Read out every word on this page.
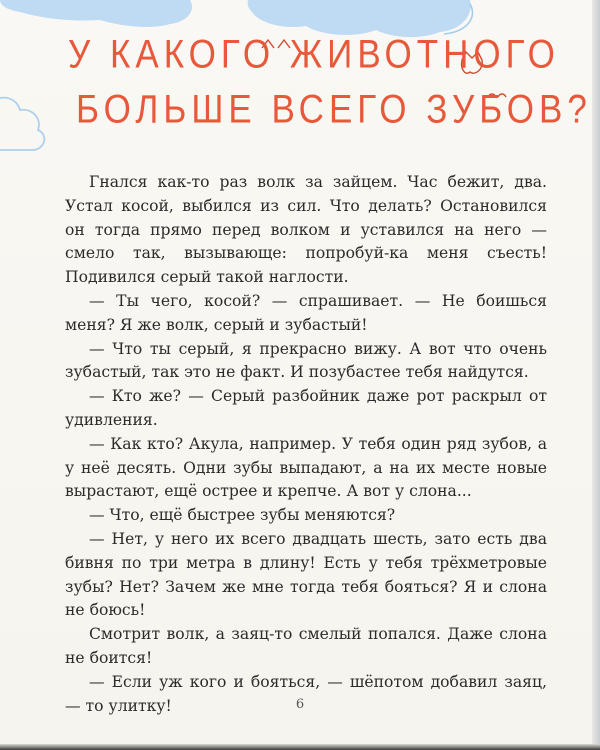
У КАКОГО ЖИВОТНОГО
БОЛЬШЕ ВСЕГО ЗУБОВ?

Гнался как-то раз волк за зайцем. Час бежит, два. Устал косой, выбился из сил. Что делать? Остановился он тогда прямо перед волком и уставился на него — смело так, вызывающе: попробуй-ка меня съесть! Подивился серый такой наглости.

— Ты чего, косой? — спрашивает. — Не боишься меня? Я же волк, серый и зубастый!

— Что ты серый, я прекрасно вижу. А вот что очень зубастый, так это не факт. И позубастее тебя найдутся.

— Кто же? — Серый разбойник даже рот раскрыл от удивления.

— Как кто? Акула, например. У тебя один ряд зубов, а у неё десять. Одни зубы выпадают, а на их месте новые вырастают, ещё острее и крепче. А вот у слона...

— Что, ещё быстрее зубы меняются?

— Нет, у него их всего двадцать шесть, зато есть два бивня по три метра в длину! Есть у тебя трёхметровые зубы? Нет? Зачем же мне тогда тебя бояться? Я и слона не боюсь!

Смотрит волк, а заяц-то смелый попался. Даже слона не боится!

— Если уж кого и бояться, — шёпотом добавил заяц, — то улитку!	6
